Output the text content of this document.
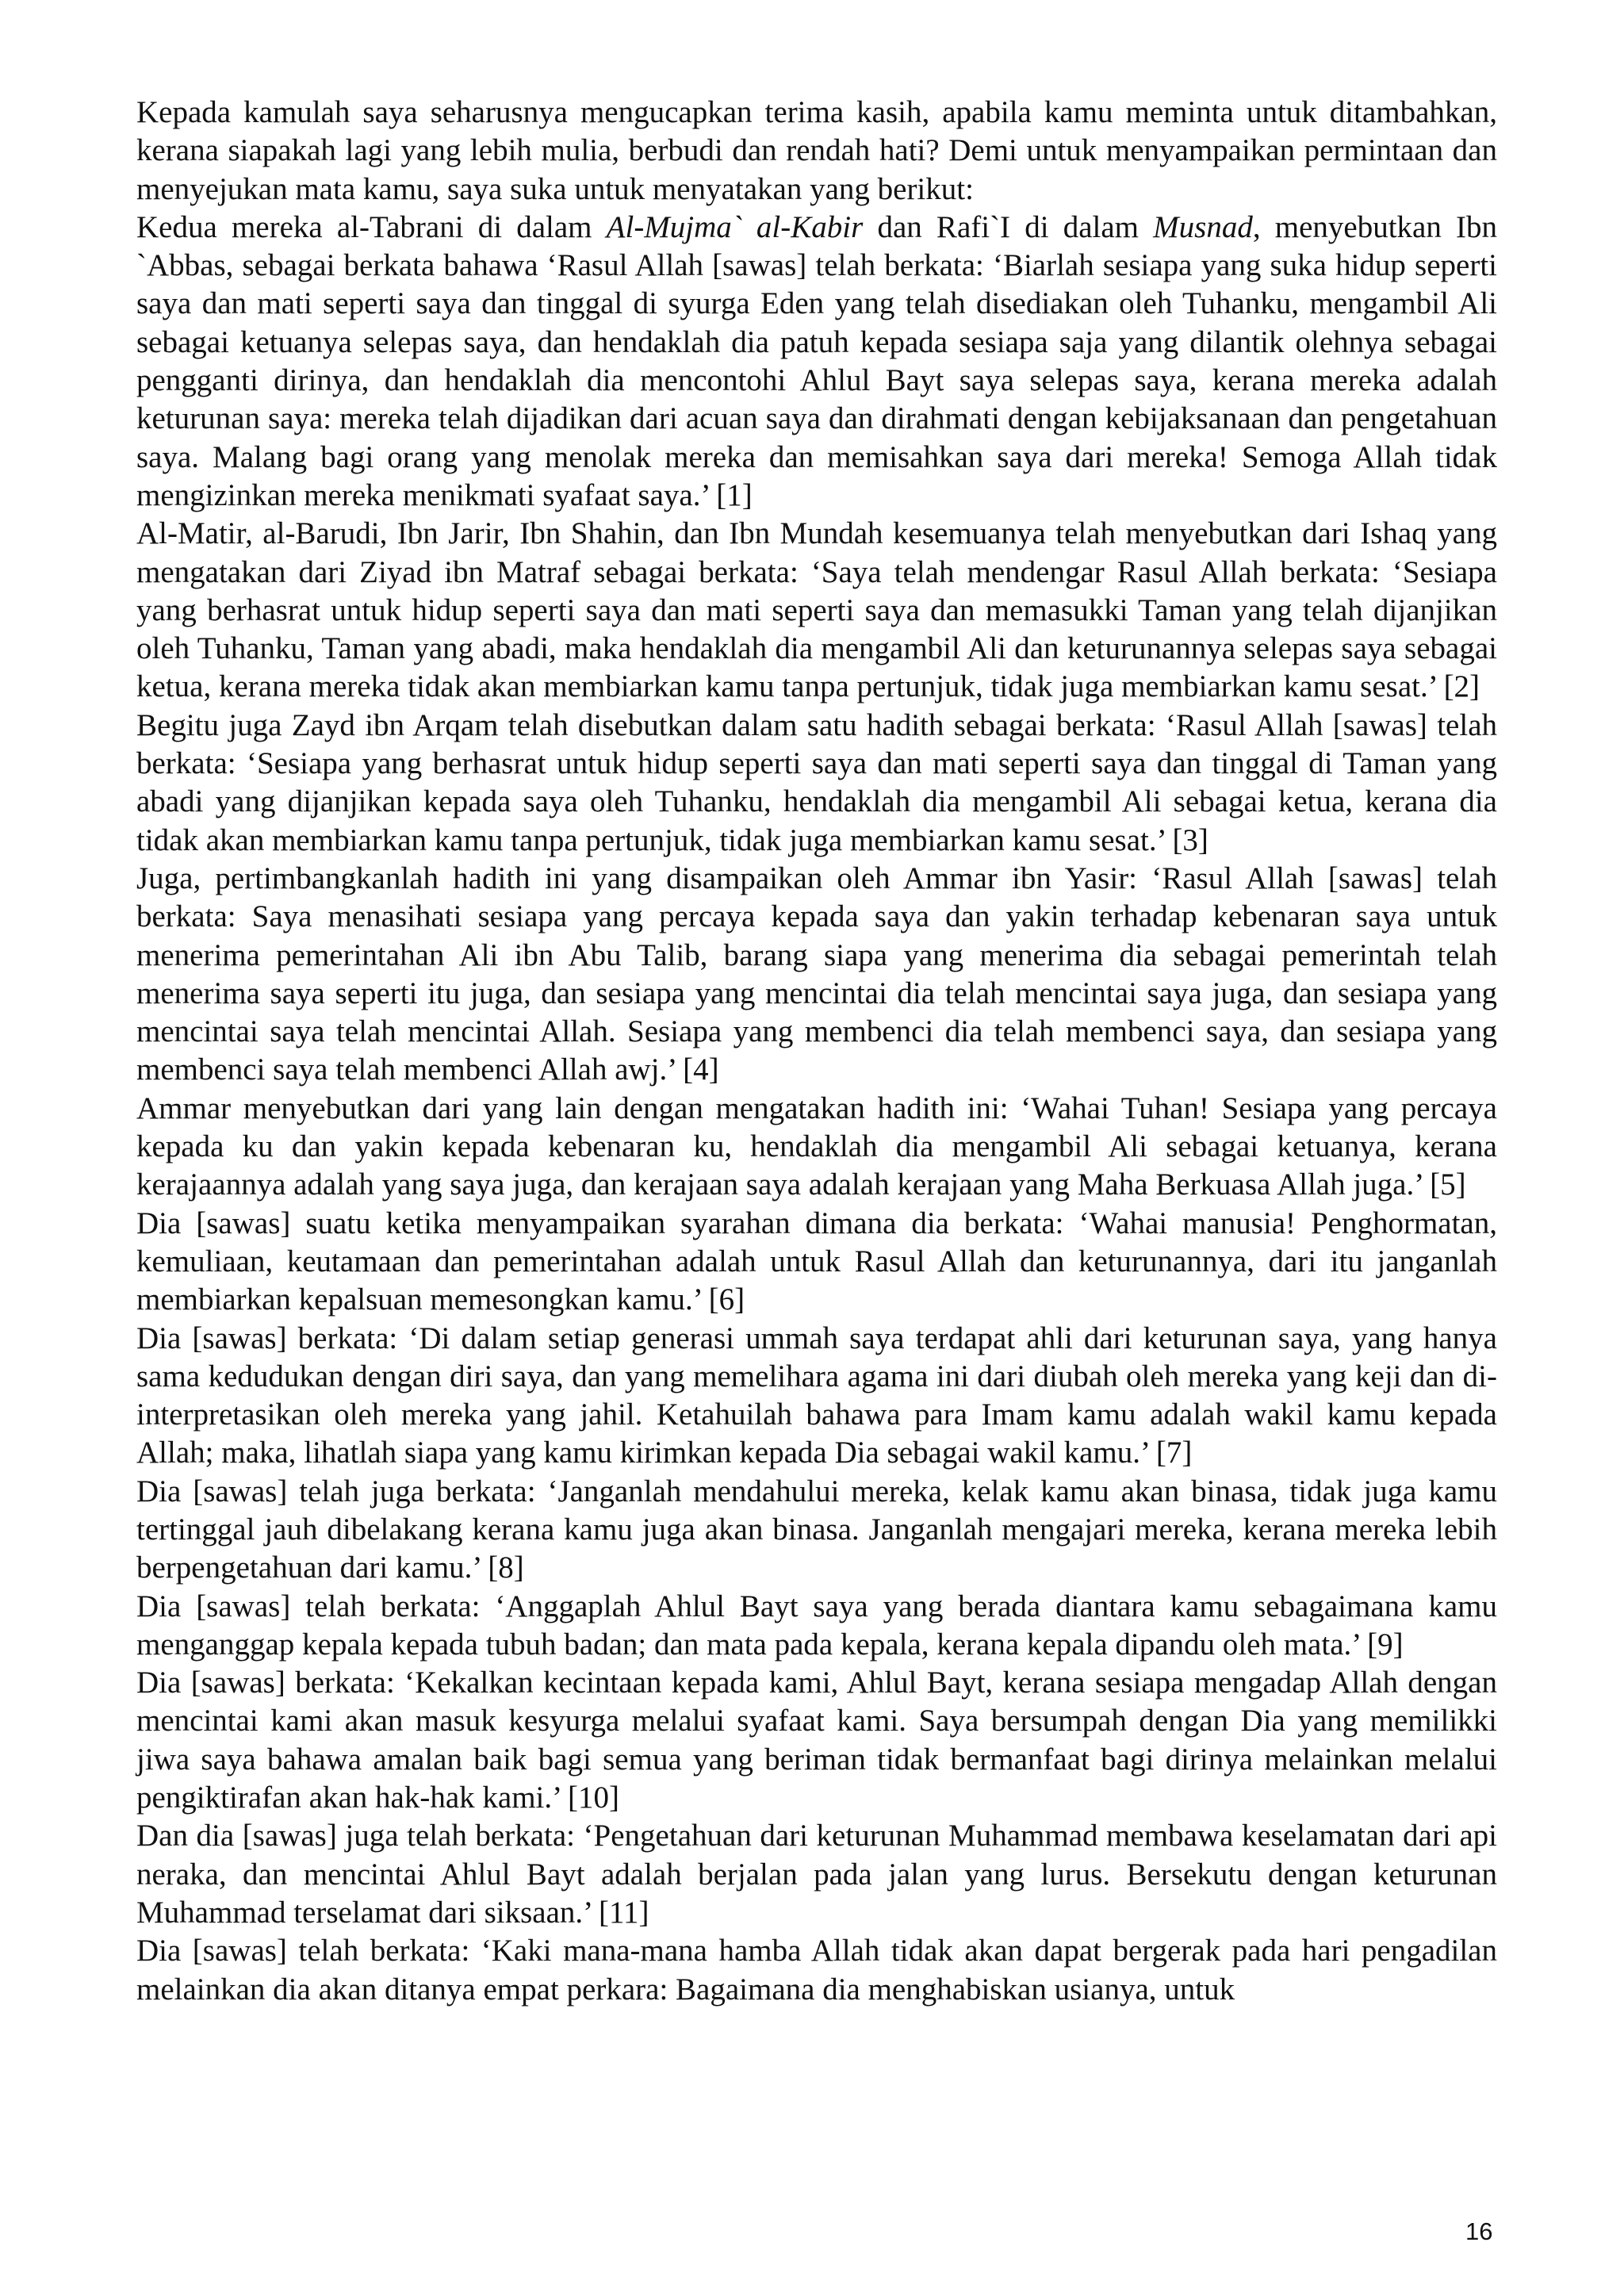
Kepada kamulah saya seharusnya mengucapkan terima kasih, apabila kamu meminta untuk ditambahkan, kerana siapakah lagi yang lebih mulia, berbudi dan rendah hati? Demi untuk menyampaikan permintaan dan menyejukan mata kamu, saya suka untuk menyatakan yang berikut:

Kedua mereka al-Tabrani di dalam Al-Mujma` al-Kabir dan Rafi`I di dalam Musnad, menyebutkan Ibn `Abbas, sebagai berkata bahawa ‘Rasul Allah [sawas] telah berkata: ‘Biarlah sesiapa yang suka hidup seperti saya dan mati seperti saya dan tinggal di syurga Eden yang telah disediakan oleh Tuhanku, mengambil Ali sebagai ketuanya selepas saya, dan hendaklah dia patuh kepada sesiapa saja yang dilantik olehnya sebagai pengganti dirinya, dan hendaklah dia mencontohi Ahlul Bayt saya selepas saya, kerana mereka adalah keturunan saya: mereka telah dijadikan dari acuan saya dan dirahmati dengan kebijaksanaan dan pengetahuan saya. Malang bagi orang yang menolak mereka dan memisahkan saya dari mereka! Semoga Allah tidak mengizinkan mereka menikmati syafaat saya.’ [1]

Al-Matir, al-Barudi, Ibn Jarir, Ibn Shahin, dan Ibn Mundah kesemuanya telah menyebutkan dari Ishaq yang mengatakan dari Ziyad ibn Matraf sebagai berkata: ‘Saya telah mendengar Rasul Allah berkata: ‘Sesiapa yang berhasrat untuk hidup seperti saya dan mati seperti saya dan memasukki Taman yang telah dijanjikan oleh Tuhanku, Taman yang abadi, maka hendaklah dia mengambil Ali dan keturunannya selepas saya sebagai ketua, kerana mereka tidak akan membiarkan kamu tanpa pertunjuk, tidak juga membiarkan kamu sesat.’ [2]

Begitu juga Zayd ibn Arqam telah disebutkan dalam satu hadith sebagai berkata: ‘Rasul Allah [sawas] telah berkata: ‘Sesiapa yang berhasrat untuk hidup seperti saya dan mati seperti saya dan tinggal di Taman yang abadi yang dijanjikan kepada saya oleh Tuhanku, hendaklah dia mengambil Ali sebagai ketua, kerana dia tidak akan membiarkan kamu tanpa pertunjuk, tidak juga membiarkan kamu sesat.’ [3]

Juga, pertimbangkanlah hadith ini yang disampaikan oleh Ammar ibn Yasir: ‘Rasul Allah [sawas] telah berkata: Saya menasihati sesiapa yang percaya kepada saya dan yakin terhadap kebenaran saya untuk menerima pemerintahan Ali ibn Abu Talib, barang siapa yang menerima dia sebagai pemerintah telah menerima saya seperti itu juga, dan sesiapa yang mencintai dia telah mencintai saya juga, dan sesiapa yang mencintai saya telah mencintai Allah. Sesiapa yang membenci dia telah membenci saya, dan sesiapa yang membenci saya telah membenci Allah awj.’ [4]

Ammar menyebutkan dari yang lain dengan mengatakan hadith ini: ‘Wahai Tuhan! Sesiapa yang percaya kepada ku dan yakin kepada kebenaran ku, hendaklah dia mengambil Ali sebagai ketuanya, kerana kerajaannya adalah yang saya juga, dan kerajaan saya adalah kerajaan yang Maha Berkuasa Allah juga.’ [5]

Dia [sawas] suatu ketika menyampaikan syarahan dimana dia berkata: ‘Wahai manusia! Penghormatan, kemuliaan, keutamaan dan pemerintahan adalah untuk Rasul Allah dan keturunannya, dari itu janganlah membiarkan kepalsuan memesongkan kamu.’ [6]

Dia [sawas] berkata: ‘Di dalam setiap generasi ummah saya terdapat ahli dari keturunan saya, yang hanya sama kedudukan dengan diri saya, dan yang memelihara agama ini dari diubah oleh mereka yang keji dan di-interpretasikan oleh mereka yang jahil. Ketahuilah bahawa para Imam kamu adalah wakil kamu kepada Allah; maka, lihatlah siapa yang kamu kirimkan kepada Dia sebagai wakil kamu.’ [7]

Dia [sawas] telah juga berkata: ‘Janganlah mendahului mereka, kelak kamu akan binasa, tidak juga kamu tertinggal jauh dibelakang kerana kamu juga akan binasa. Janganlah mengajari mereka, kerana mereka lebih berpengetahuan dari kamu.’ [8]

Dia [sawas] telah berkata: ‘Anggaplah Ahlul Bayt saya yang berada diantara kamu sebagaimana kamu menganggap kepala kepada tubuh badan; dan mata pada kepala, kerana kepala dipandu oleh mata.’ [9]

Dia [sawas] berkata: ‘Kekalkan kecintaan kepada kami, Ahlul Bayt, kerana sesiapa mengadap Allah dengan mencintai kami akan masuk kesyurga melalui syafaat kami. Saya bersumpah dengan Dia yang memilikki jiwa saya bahawa amalan baik bagi semua yang beriman tidak bermanfaat bagi dirinya melainkan melalui pengiktirafan akan hak-hak kami.’ [10]

Dan dia [sawas] juga telah berkata: ‘Pengetahuan dari keturunan Muhammad membawa keselamatan dari api neraka, dan mencintai Ahlul Bayt adalah berjalan pada jalan yang lurus. Bersekutu dengan keturunan Muhammad terselamat dari siksaan.’ [11]

Dia [sawas] telah berkata: ‘Kaki mana-mana hamba Allah tidak akan dapat bergerak pada hari pengadilan melainkan dia akan ditanya empat perkara: Bagaimana dia menghabiskan usianya, untuk

16
